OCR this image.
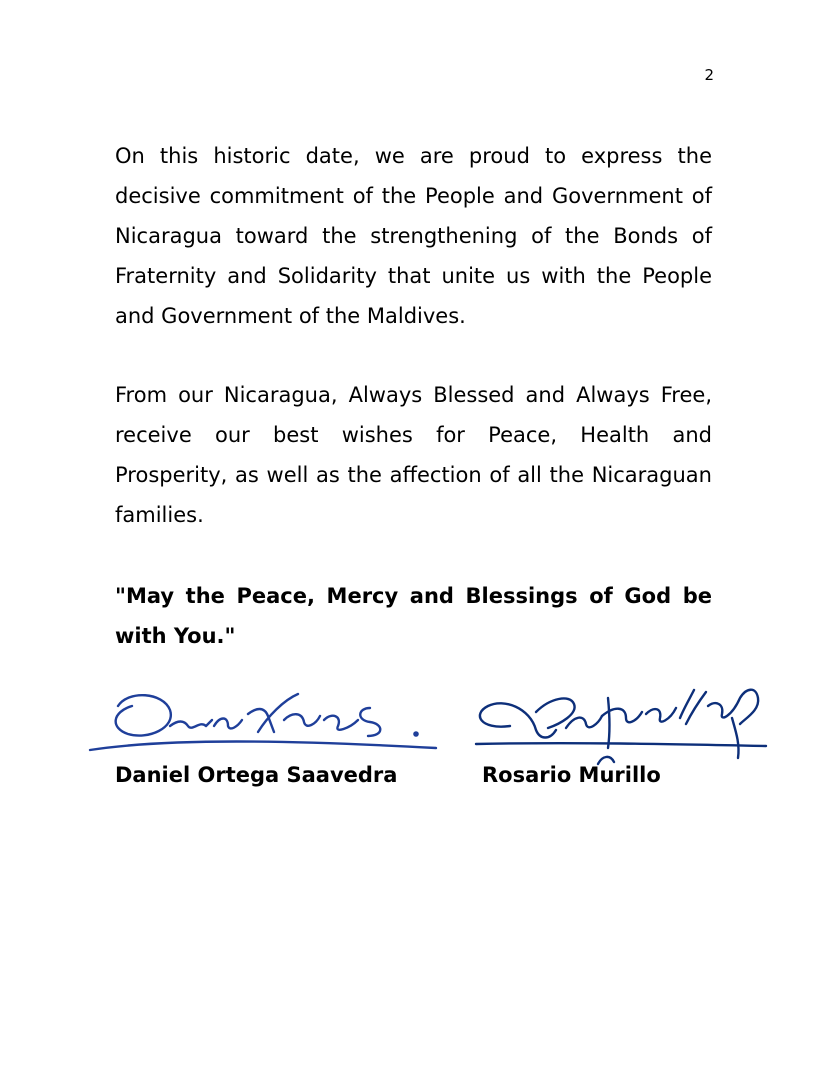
2

On this historic date, we are proud to express the decisive commitment of the People and Government of Nicaragua toward the strengthening of the Bonds of Fraternity and Solidarity that unite us with the People and Government of the Maldives.

From our Nicaragua, Always Blessed and Always Free, receive our best wishes for Peace, Health and Prosperity, as well as the affection of all the Nicaraguan families.

"May the Peace, Mercy and Blessings of God be with You."

Daniel Ortega Saavedra	Rosario Murillo
